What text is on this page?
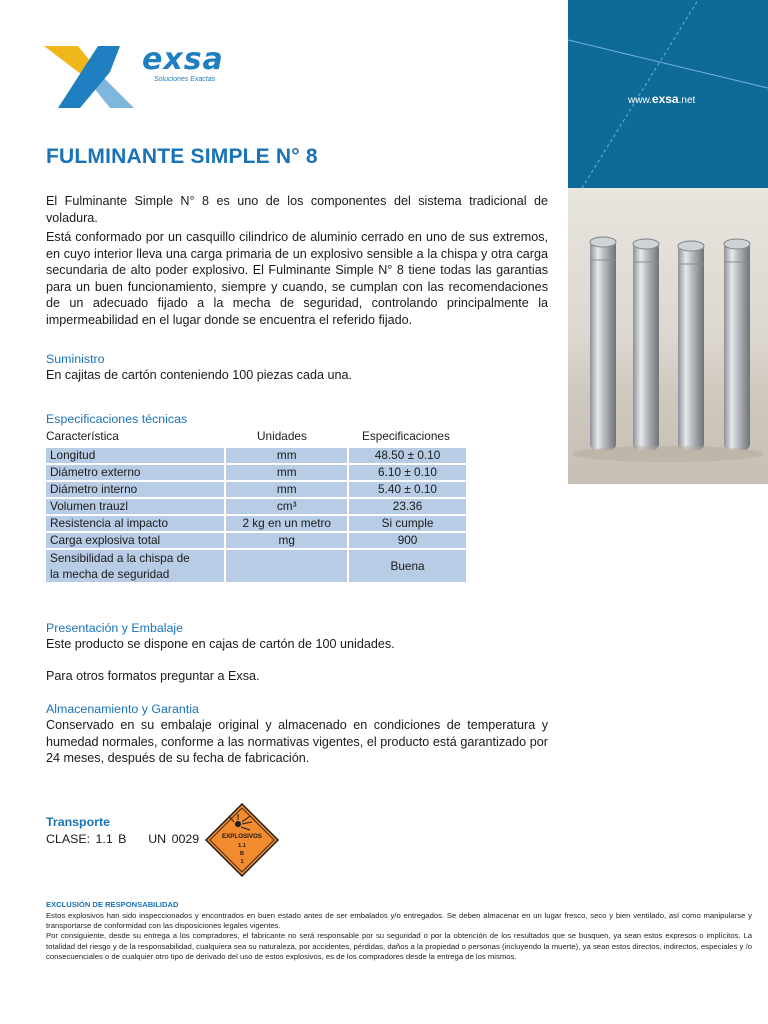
exsa
Soluciones Exactas
www.exsa.net
FULMINANTE SIMPLE N° 8
El Fulminante Simple N° 8 es uno de los componentes del sistema tradicional de voladura.
Está conformado por un casquillo cilindrico de aluminio cerrado en uno de sus extremos, en cuyo interior lleva una carga primaria de un explosivo sensible a la chispa y otra carga secundaria de alto poder explosivo. El Fulminante Simple N° 8 tiene todas las garantias para un buen funcionamiento, siempre y cuando, se cumplan con las recomendaciones de un adecuado fijado a la mecha de seguridad, controlando principalmente la impermeabilidad en el lugar donde se encuentra el referido fijado.
Suministro
En cajitas de cartón conteniendo 100 piezas cada una.
Especificaciones técnicas
Característica	Unidades	Especificaciones
Longitud	mm	48.50 ± 0.10
Diámetro externo	mm	6.10 ± 0.10
Diámetro interno	mm	5.40 ± 0.10
Volumen trauzl	cm³	23.36
Resistencia al impacto	2 kg en un metro	Si cumple
Carga explosiva total	mg	900
Sensibilidad a la chispa de
la mecha de seguridad		Buena
Presentación y Embalaje
Este producto se dispone en cajas de cartón de 100 unidades.
Para otros formatos preguntar a Exsa.
Almacenamiento y Garantia
Conservado en su embalaje original y almacenado en condiciones de temperatura y humedad normales, conforme a las normativas vigentes, el producto está garantizado por 24 meses, después de su fecha de fabricación.
Transporte
CLASE: 1.1 B UN 0029	EXPLOSIVOS
1.1
B
1
EXCLUSIÓN DE RESPONSABILIDAD
Estos explosivos han sido inspeccionados y encontrados en buen estado antes de ser embalados y/o entregados. Se deben almacenar en un lugar fresco, seco y bien ventilado, así como manipularse y transportarse de conformidad con las disposiciones legales vigentes.
Por consiguiente, desde su entrega a los compradores, el fabricante no será responsable por su seguridad o por la obtención de los resultados que se busquen, ya sean estos expresos o implícitos. La totalidad del riesgo y de la responsabilidad, cualquiera sea su naturaleza, por accidentes, pérdidas, daños a la propiedad o personas (incluyendo la muerte), ya sean estos directos, indirectos, especiales y /o consecuenciales o de cualquier otro tipo de derivado del uso de estos explosivos, es de los compradores desde la entrega de los mismos.
